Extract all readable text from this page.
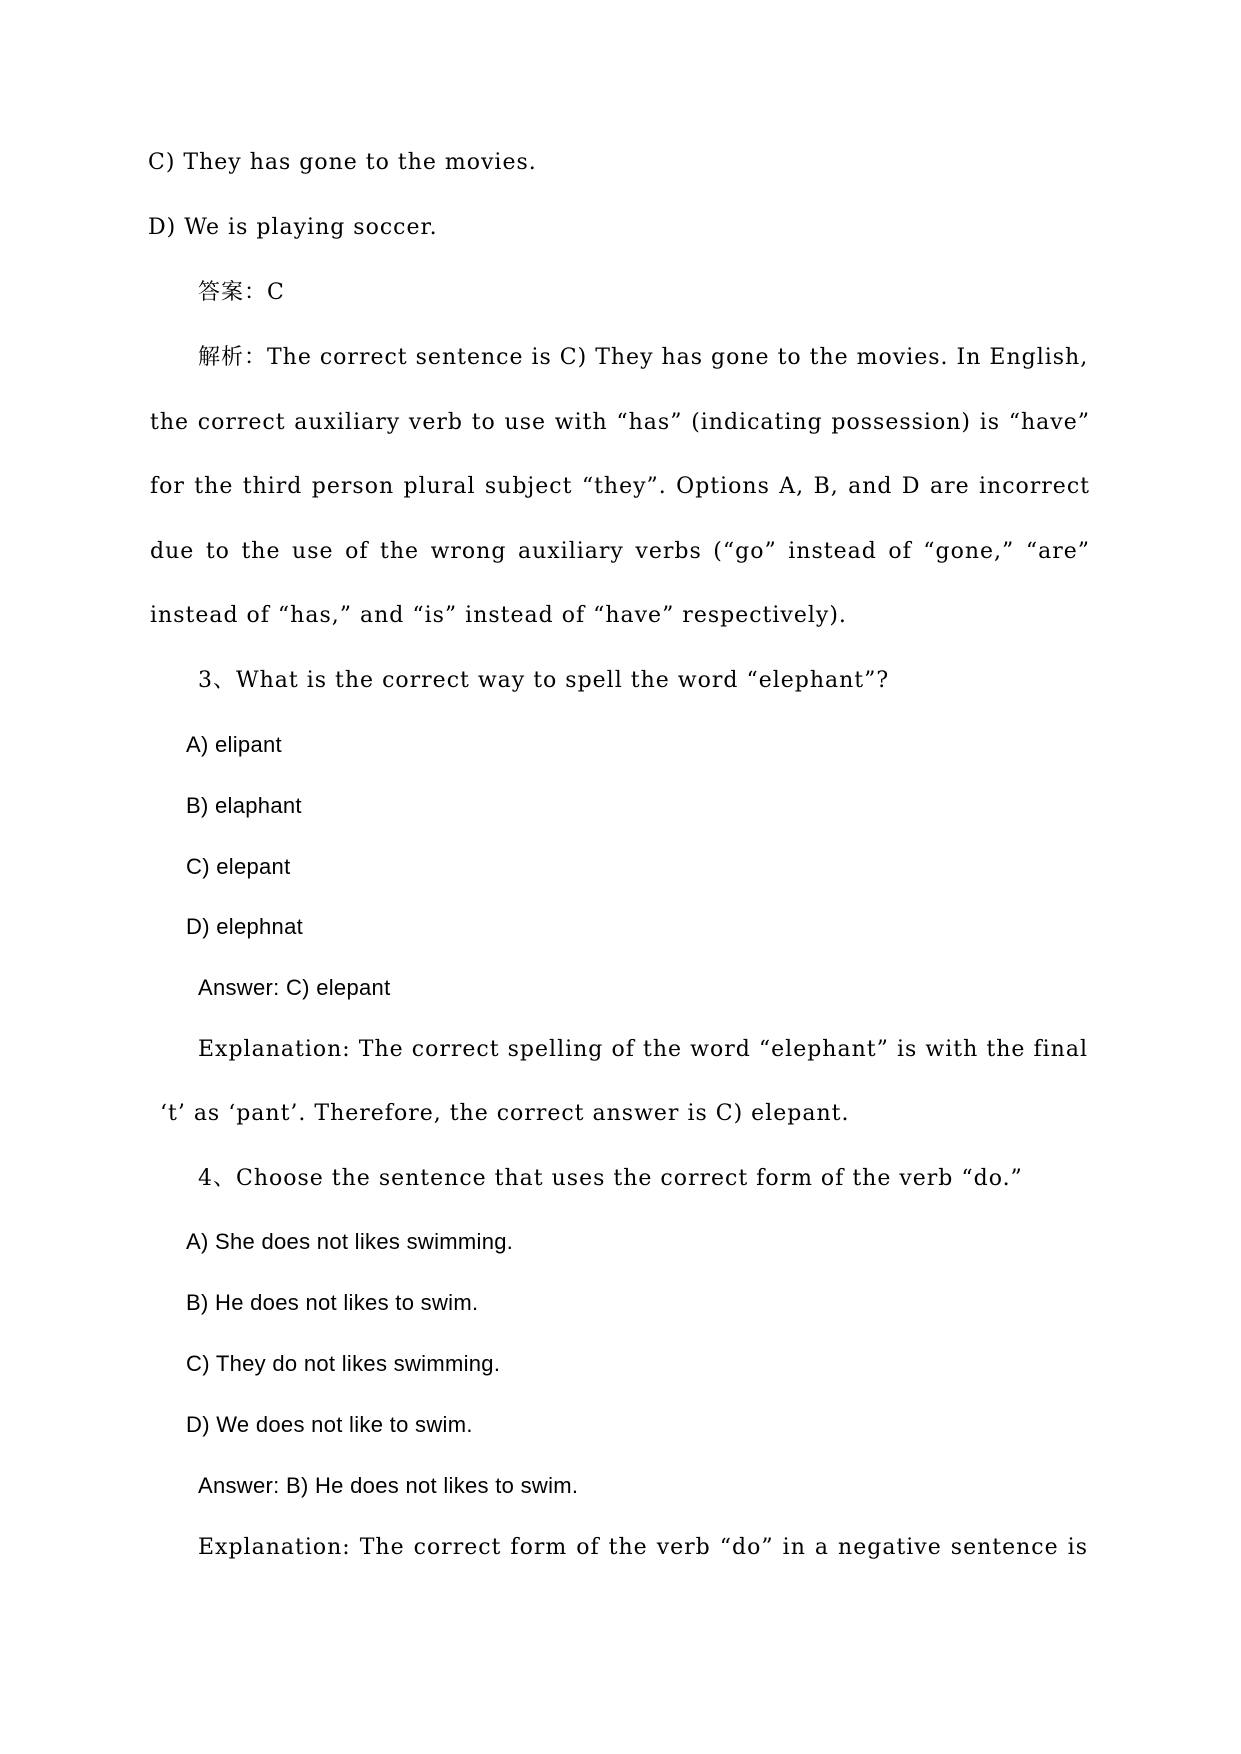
C) They has gone to the movies.
D) We is playing soccer.
答案：C
解析：The correct sentence is C) They has gone to the movies. In English,
the correct auxiliary verb to use with “has” (indicating possession) is “have”
for the third person plural subject “they”. Options A, B, and D are incorrect
due to the use of the wrong auxiliary verbs (“go” instead of “gone,” “are”
instead of “has,” and “is” instead of “have” respectively).
3、What is the correct way to spell the word “elephant”?
A) elipant
B) elaphant
C) elepant
D) elephnat
Answer: C) elepant
Explanation: The correct spelling of the word “elephant” is with the final
‘t’ as ‘pant’. Therefore, the correct answer is C) elepant.
4、Choose the sentence that uses the correct form of the verb “do.”
A) She does not likes swimming.
B) He does not likes to swim.
C) They do not likes swimming.
D) We does not like to swim.
Answer: B) He does not likes to swim.
Explanation: The correct form of the verb “do” in a negative sentence is
